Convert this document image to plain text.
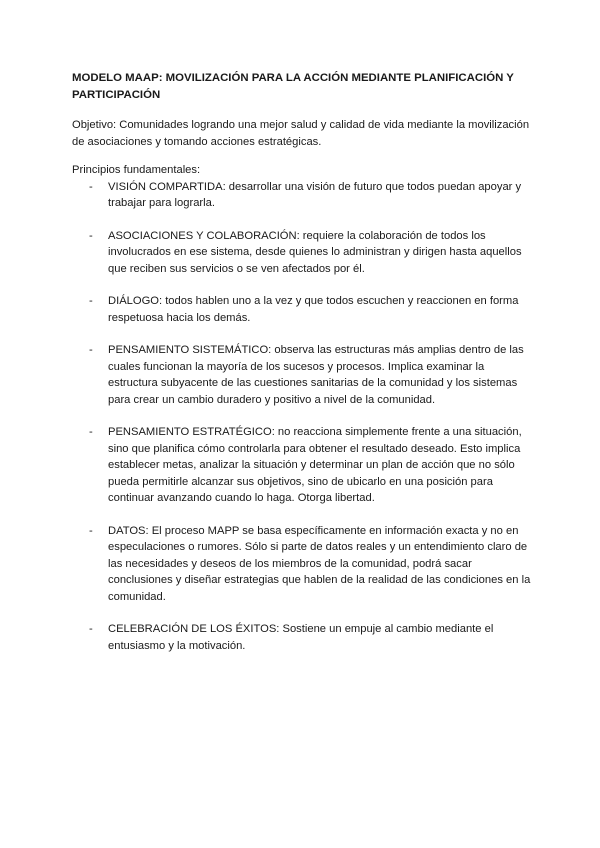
MODELO MAAP: MOVILIZACIÓN PARA LA ACCIÓN MEDIANTE PLANIFICACIÓN Y PARTICIPACIÓN

Objetivo: Comunidades logrando una mejor salud y calidad de vida mediante la movilización de asociaciones y tomando acciones estratégicas.

Principios fundamentales:

- VISIÓN COMPARTIDA: desarrollar una visión de futuro que todos puedan apoyar y trabajar para lograrla.
- ASOCIACIONES Y COLABORACIÓN: requiere la colaboración de todos los involucrados en ese sistema, desde quienes lo administran y dirigen hasta aquellos que reciben sus servicios o se ven afectados por él.
- DIÁLOGO: todos hablen uno a la vez y que todos escuchen y reaccionen en forma respetuosa hacia los demás.
- PENSAMIENTO SISTEMÁTICO: observa las estructuras más amplias dentro de las cuales funcionan la mayoría de los sucesos y procesos. Implica examinar la estructura subyacente de las cuestiones sanitarias de la comunidad y los sistemas para crear un cambio duradero y positivo a nivel de la comunidad.
- PENSAMIENTO ESTRATÉGICO: no reacciona simplemente frente a una situación, sino que planifica cómo controlarla para obtener el resultado deseado. Esto implica establecer metas, analizar la situación y determinar un plan de acción que no sólo pueda permitirle alcanzar sus objetivos, sino de ubicarlo en una posición para continuar avanzando cuando lo haga. Otorga libertad.
- DATOS: El proceso MAPP se basa específicamente en información exacta y no en especulaciones o rumores. Sólo si parte de datos reales y un entendimiento claro de las necesidades y deseos de los miembros de la comunidad, podrá sacar conclusiones y diseñar estrategias que hablen de la realidad de las condiciones en la comunidad.
- CELEBRACIÓN DE LOS ÉXITOS: Sostiene un empuje al cambio mediante el entusiasmo y la motivación.
